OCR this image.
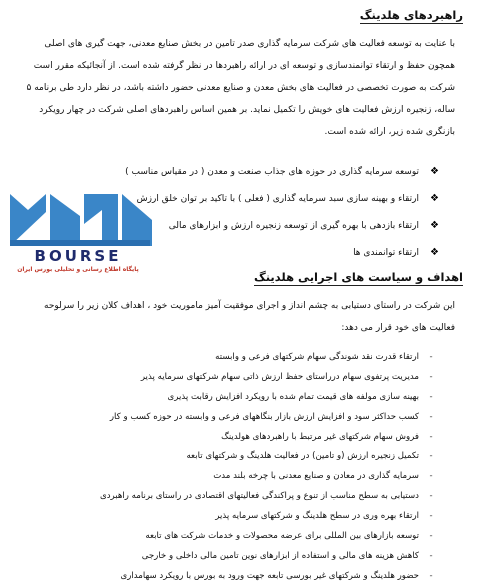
راهبردهای هلدینگ
با عنایت به توسعه فعالیت های شرکت سرمایه گذاری صدر تامین در بخش صنایع معدنی، جهت گیری های اصلی
همچون حفظ و ارتقاء توانمندسازی و توسعه ای در ارائه راهبردها در نظر گرفته شده است. از آنجائیکه مقرر است
شرکت به صورت تخصصی در فعالیت های بخش معدن و صنایع معدنی حضور داشته باشد، در نظر دارد طی برنامه ۵
ساله، زنجیره ارزش فعالیت های خویش را تکمیل نماید. بر همین اساس راهبردهای اصلی شرکت در چهار رویکرد
بازنگری شده زیر، ارائه شده است.
❖توسعه سرمایه گذاری در حوزه های جذاب صنعت و معدن ( در مقیاس مناسب )
❖ارتقاء و بهینه سازی سبد سرمایه گذاری ( فعلی ) با تاکید بر توان خلق ارزش
❖ارتقاء بازدهی با بهره گیری از توسعه زنجیره ارزش و ابزارهای مالی
❖ارتقاء توانمندی ها
اهداف و سیاست های اجرایی هلدینگ
این شرکت در راستای دستیابی به چشم انداز و اجرای موفقیت آمیز ماموریت خود ، اهداف کلان زیر را سرلوحه
فعالیت های خود قرار می دهد:
-ارتقاء قدرت نقد شوندگی سهام شرکتهای فرعی و وابسته
-مدیریت پرتفوی سهام درراستای حفظ ارزش ذاتی سهام شرکتهای سرمایه پذیر
-بهینه سازی مولفه های قیمت تمام شده با رویکرد افزایش رقابت پذیری
-کسب حداکثر سود و افزایش ارزش بازار بنگاههای فرعی و وابسته در حوزه کسب و کار
-فروش سهام شرکتهای غیر مرتبط با راهبردهای هولدینگ
-تکمیل زنجیره ارزش (و تامین) در فعالیت هلدینگ و شرکتهای تابعه
-سرمایه گذاری در معادن و صنایع معدنی با چرخه بلند مدت
-دستیابی به سطح مناسب از تنوع و پراکندگی فعالیتهای اقتصادی در راستای برنامه راهبردی
-ارتقاء بهره وری در سطح هلدینگ و شرکتهای سرمایه پذیر
-توسعه بازارهای بین المللی برای عرضه محصولات و خدمات شرکت های تابعه
-کاهش هزینه های مالی و استفاده از ابزارهای نوین تامین مالی داخلی و خارجی
-حضور هلدینگ و شرکتهای غیر بورسی تابعه جهت ورود به بورس با رویکرد سهامداری
BOURSE
پایگاه اطلاع رسانی و تحلیلی بورس ایران
